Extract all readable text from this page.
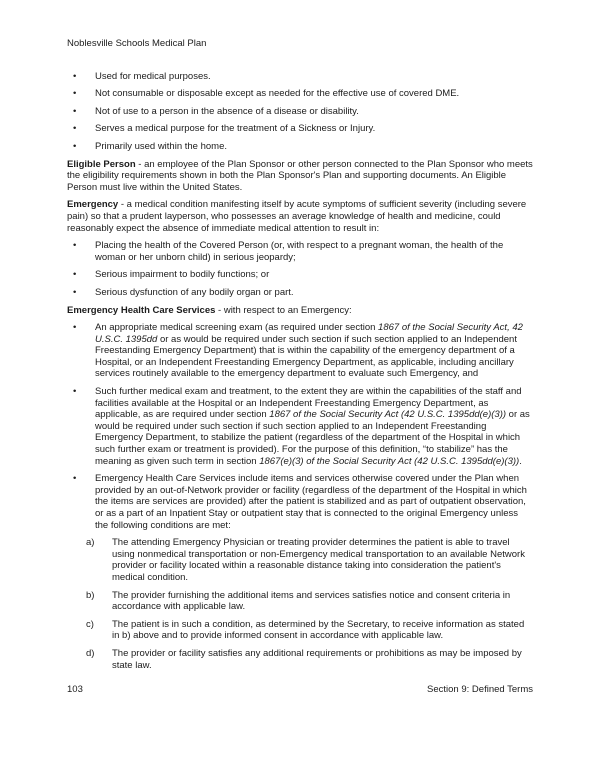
Noblesville Schools Medical Plan
•	Used for medical purposes.
•	Not consumable or disposable except as needed for the effective use of covered DME.
•	Not of use to a person in the absence of a disease or disability.
•	Serves a medical purpose for the treatment of a Sickness or Injury.
•	Primarily used within the home.
Eligible Person - an employee of the Plan Sponsor or other person connected to the Plan Sponsor who meets the eligibility requirements shown in both the Plan Sponsor's Plan and supporting documents. An Eligible Person must live within the United States.
Emergency - a medical condition manifesting itself by acute symptoms of sufficient severity (including severe pain) so that a prudent layperson, who possesses an average knowledge of health and medicine, could reasonably expect the absence of immediate medical attention to result in:
•	Placing the health of the Covered Person (or, with respect to a pregnant woman, the health of the woman or her unborn child) in serious jeopardy;
•	Serious impairment to bodily functions; or
•	Serious dysfunction of any bodily organ or part.
Emergency Health Care Services - with respect to an Emergency:
•	An appropriate medical screening exam (as required under section 1867 of the Social Security Act, 42 U.S.C. 1395dd or as would be required under such section if such section applied to an Independent Freestanding Emergency Department) that is within the capability of the emergency department of a Hospital, or an Independent Freestanding Emergency Department, as applicable, including ancillary services routinely available to the emergency department to evaluate such Emergency, and
•	Such further medical exam and treatment, to the extent they are within the capabilities of the staff and facilities available at the Hospital or an Independent Freestanding Emergency Department, as applicable, as are required under section 1867 of the Social Security Act (42 U.S.C. 1395dd(e)(3)) or as would be required under such section if such section applied to an Independent Freestanding Emergency Department, to stabilize the patient (regardless of the department of the Hospital in which such further exam or treatment is provided). For the purpose of this definition, “to stabilize” has the meaning as given such term in section 1867(e)(3) of the Social Security Act (42 U.S.C. 1395dd(e)(3)).
•	Emergency Health Care Services include items and services otherwise covered under the Plan when provided by an out-of-Network provider or facility (regardless of the department of the Hospital in which the items are services are provided) after the patient is stabilized and as part of outpatient observation, or as a part of an Inpatient Stay or outpatient stay that is connected to the original Emergency unless the following conditions are met:
a)	The attending Emergency Physician or treating provider determines the patient is able to travel using nonmedical transportation or non-Emergency medical transportation to an available Network provider or facility located within a reasonable distance taking into consideration the patient's medical condition.
b)	The provider furnishing the additional items and services satisfies notice and consent criteria in accordance with applicable law.
c)	The patient is in such a condition, as determined by the Secretary, to receive information as stated in b) above and to provide informed consent in accordance with applicable law.
d)	The provider or facility satisfies any additional requirements or prohibitions as may be imposed by state law.
103	Section 9: Defined Terms
